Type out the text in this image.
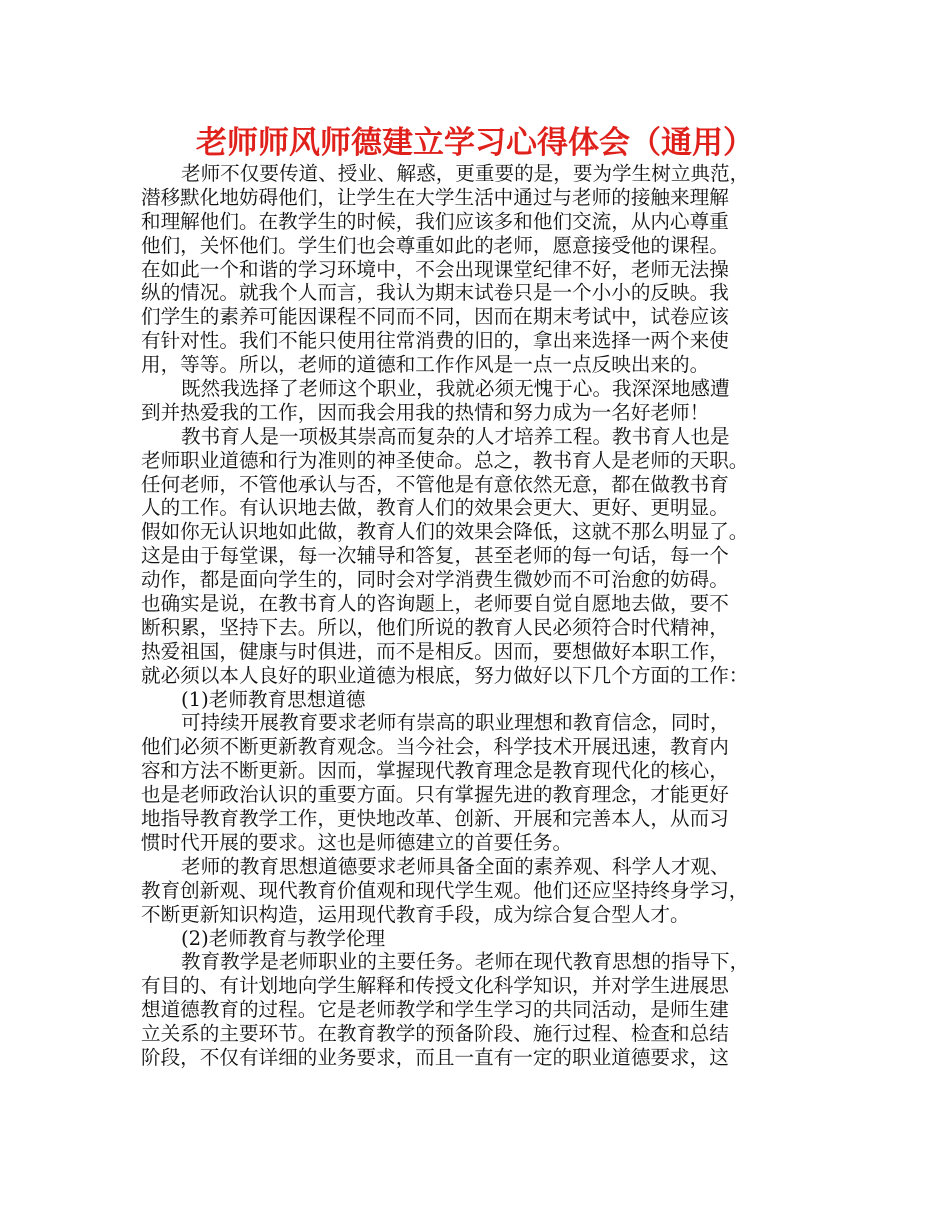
老师师风师德建立学习心得体会（通用）
老师不仅要传道、授业、解惑，更重要的是，要为学生树立典范，
潜移默化地妨碍他们，让学生在大学生活中通过与老师的接触来理解
和理解他们。在教学生的时候，我们应该多和他们交流，从内心尊重
他们，关怀他们。学生们也会尊重如此的老师，愿意接受他的课程。
在如此一个和谐的学习环境中，不会出现课堂纪律不好，老师无法操
纵的情况。就我个人而言，我认为期末试卷只是一个小小的反映。我
们学生的素养可能因课程不同而不同，因而在期末考试中，试卷应该
有针对性。我们不能只使用往常消费的旧的，拿出来选择一两个来使
用，等等。所以，老师的道德和工作作风是一点一点反映出来的。
既然我选择了老师这个职业，我就必须无愧于心。我深深地感遭
到并热爱我的工作，因而我会用我的热情和努力成为一名好老师！
教书育人是一项极其崇高而复杂的人才培养工程。教书育人也是
老师职业道德和行为准则的神圣使命。总之，教书育人是老师的天职。
任何老师，不管他承认与否，不管他是有意依然无意，都在做教书育
人的工作。有认识地去做，教育人们的效果会更大、更好、更明显。
假如你无认识地如此做，教育人们的效果会降低，这就不那么明显了。
这是由于每堂课，每一次辅导和答复，甚至老师的每一句话，每一个
动作，都是面向学生的，同时会对学消费生微妙而不可治愈的妨碍。
也确实是说，在教书育人的咨询题上，老师要自觉自愿地去做，要不
断积累，坚持下去。所以，他们所说的教育人民必须符合时代精神，
热爱祖国，健康与时俱进，而不是相反。因而，要想做好本职工作，
就必须以本人良好的职业道德为根底，努力做好以下几个方面的工作：
(1)老师教育思想道德
可持续开展教育要求老师有崇高的职业理想和教育信念，同时，
他们必须不断更新教育观念。当今社会，科学技术开展迅速，教育内
容和方法不断更新。因而，掌握现代教育理念是教育现代化的核心，
也是老师政治认识的重要方面。只有掌握先进的教育理念，才能更好
地指导教育教学工作，更快地改革、创新、开展和完善本人，从而习
惯时代开展的要求。这也是师德建立的首要任务。
老师的教育思想道德要求老师具备全面的素养观、科学人才观、
教育创新观、现代教育价值观和现代学生观。他们还应坚持终身学习，
不断更新知识构造，运用现代教育手段，成为综合复合型人才。
(2)老师教育与教学伦理
教育教学是老师职业的主要任务。老师在现代教育思想的指导下，
有目的、有计划地向学生解释和传授文化科学知识，并对学生进展思
想道德教育的过程。它是老师教学和学生学习的共同活动，是师生建
立关系的主要环节。在教育教学的预备阶段、施行过程、检查和总结
阶段，不仅有详细的业务要求，而且一直有一定的职业道德要求，这
